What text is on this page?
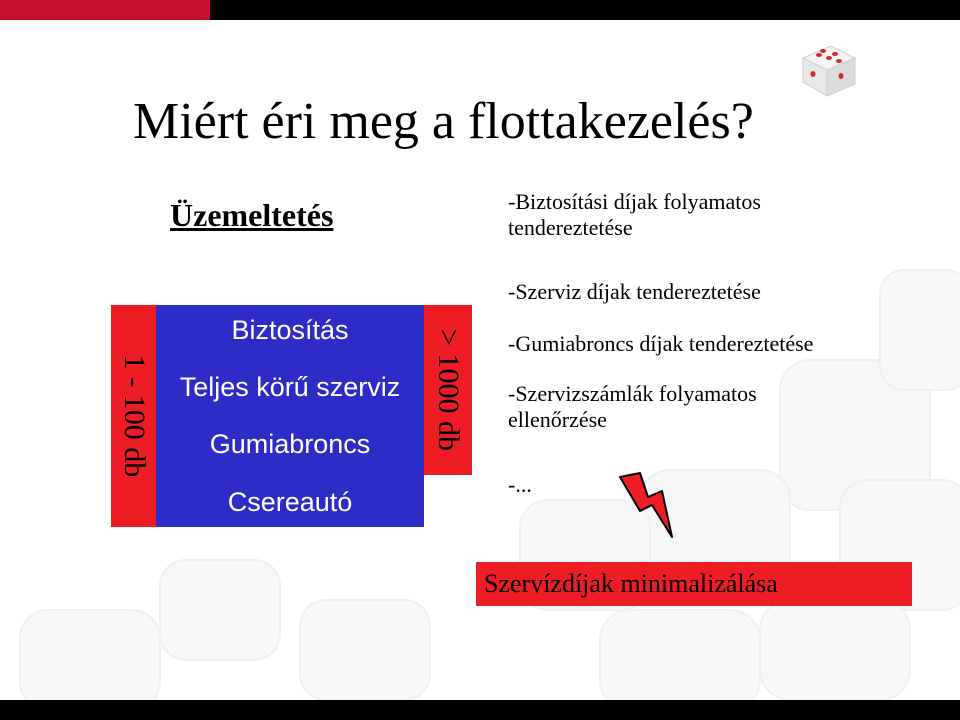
Miért éri meg a flottakezelés?
Üzemeltetés
1 - 100 db
Biztosítás
Teljes körű szerviz
Gumiabroncs
Csereautó
> 1000 db

-Biztosítási díjak folyamatos
tendereztetése

-Szerviz díjak tendereztetése

-Gumiabroncs díjak tendereztetése

-Szervizszámlák folyamatos
ellenőrzése

-...

Szervízdíjak minimalizálása
